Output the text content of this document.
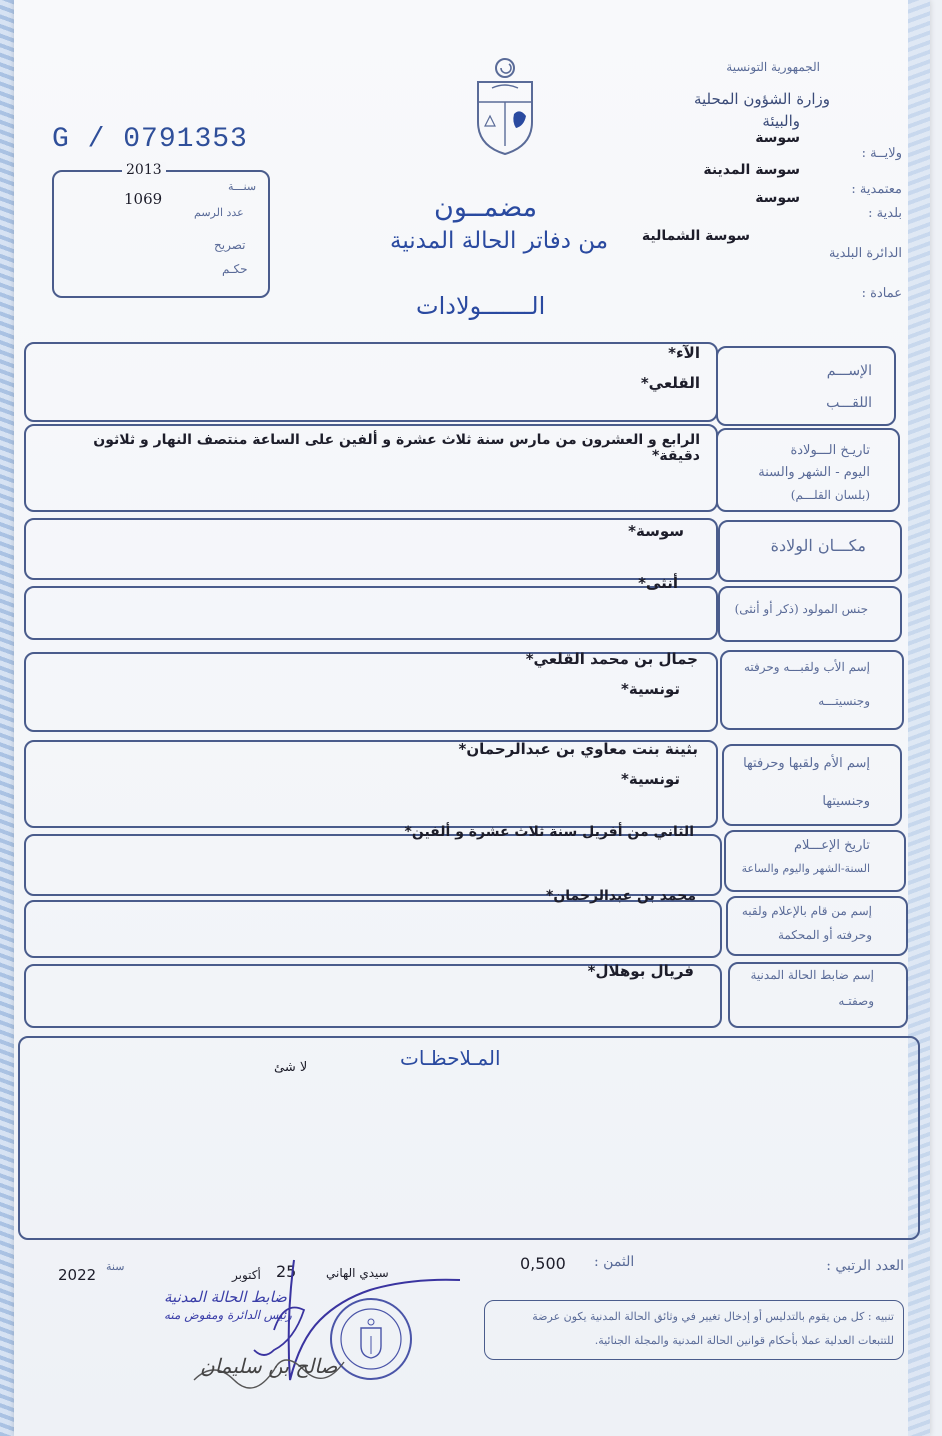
الجمهورية التونسية
وزارة الشؤون المحلية
والبيئة
ولايــة :
سوسة
معتمدية :
سوسة المدينة
بلدية :
سوسة
الدائرة البلدية
سوسة الشمالية
عمادة :
G / 0791353
2013
سنـــة
1069
عدد الرسم
تصريح
حكـم
مضمــون
من دفاتر الحالة المدنية
الـــــــولادات
الإســـم
اللقـــب
الآء*
القلعي*
تاريـخ الـــولادة
اليوم - الشهر والسنة
(بلسان القلـــم)
الرابع و العشرون من مارس سنة ثلاث عشرة و ألفين على الساعة منتصف النهار و ثلاثون دقيقة*
مكـــان الولادة
سوسة*
جنس المولود (ذكر أو أنثى)
أنثى*
إسم الأب ولقبـــه وحرفته
وجنسيتـــه
جمال بن محمد القلعي*
تونسية*
إسم الأم ولقبها وحرفتها
وجنسيتها
بثينة بنت معاوي بن عبدالرحمان*
تونسية*
تاريخ الإعـــلام
السنة-الشهر واليوم والساعة
الثاني من أفريل سنة ثلاث عشرة و ألفين*
إسم من قام بالإعلام ولقبه
وحرفته أو المحكمة
محمد بن عبدالرحمان*
إسم ضابط الحالة المدنية
وصفتـه
فريال بوهلال*
المـلاحظـات
لا شئ
العدد الرتبي :
الثمن :
0,500
سيدي الهاني
25
أكتوبر
سنة
2022
ضابط الحالة المدنية
رئيس الدائرة ومفوض منه
صالح بن سليمان
تنبيه : كل من يقوم بالتدليس أو إدخال تغيير في وثائق الحالة المدنية يكون عرضة
للتتبعات العدلية عملا بأحكام قوانين الحالة المدنية والمجلة الجنائية.
